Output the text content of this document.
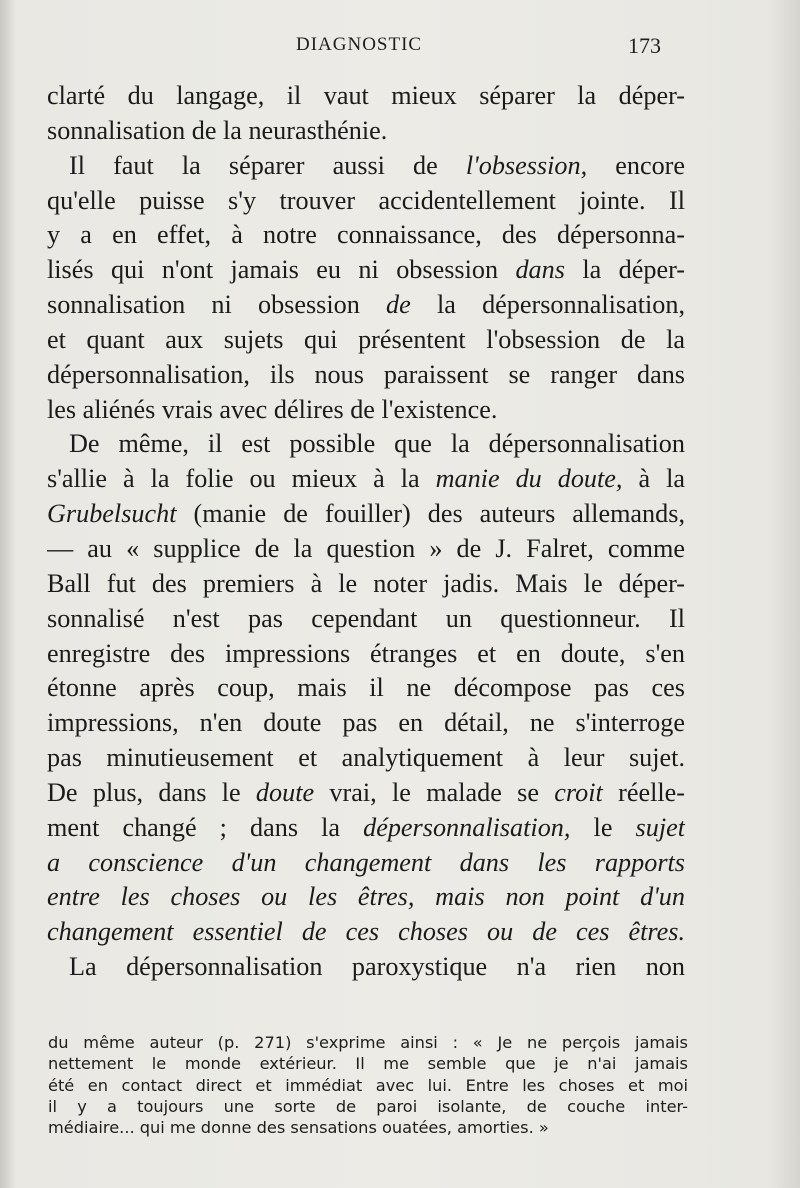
DIAGNOSTIC	173
clarté du langage, il vaut mieux séparer la déper-
sonnalisation de la neurasthénie.
Il faut la séparer aussi de l'obsession, encore
qu'elle puisse s'y trouver accidentellement jointe. Il
y a en effet, à notre connaissance, des dépersonna-
lisés qui n'ont jamais eu ni obsession dans la déper-
sonnalisation ni obsession de la dépersonnalisation,
et quant aux sujets qui présentent l'obsession de la
dépersonnalisation, ils nous paraissent se ranger dans
les aliénés vrais avec délires de l'existence.
De même, il est possible que la dépersonnalisation
s'allie à la folie ou mieux à la manie du doute, à la
Grubelsucht (manie de fouiller) des auteurs allemands,
— au « supplice de la question » de J. Falret, comme
Ball fut des premiers à le noter jadis. Mais le déper-
sonnalisé n'est pas cependant un questionneur. Il
enregistre des impressions étranges et en doute, s'en
étonne après coup, mais il ne décompose pas ces
impressions, n'en doute pas en détail, ne s'interroge
pas minutieusement et analytiquement à leur sujet.
De plus, dans le doute vrai, le malade se croit réelle-
ment changé ; dans la dépersonnalisation, le sujet
a conscience d'un changement dans les rapports
entre les choses ou les êtres, mais non point d'un
changement essentiel de ces choses ou de ces êtres.
La dépersonnalisation paroxystique n'a rien non
du même auteur (p. 271) s'exprime ainsi : « Je ne perçois jamais
nettement le monde extérieur. Il me semble que je n'ai jamais
été en contact direct et immédiat avec lui. Entre les choses et moi
il y a toujours une sorte de paroi isolante, de couche inter-
médiaire... qui me donne des sensations ouatées, amorties. »
